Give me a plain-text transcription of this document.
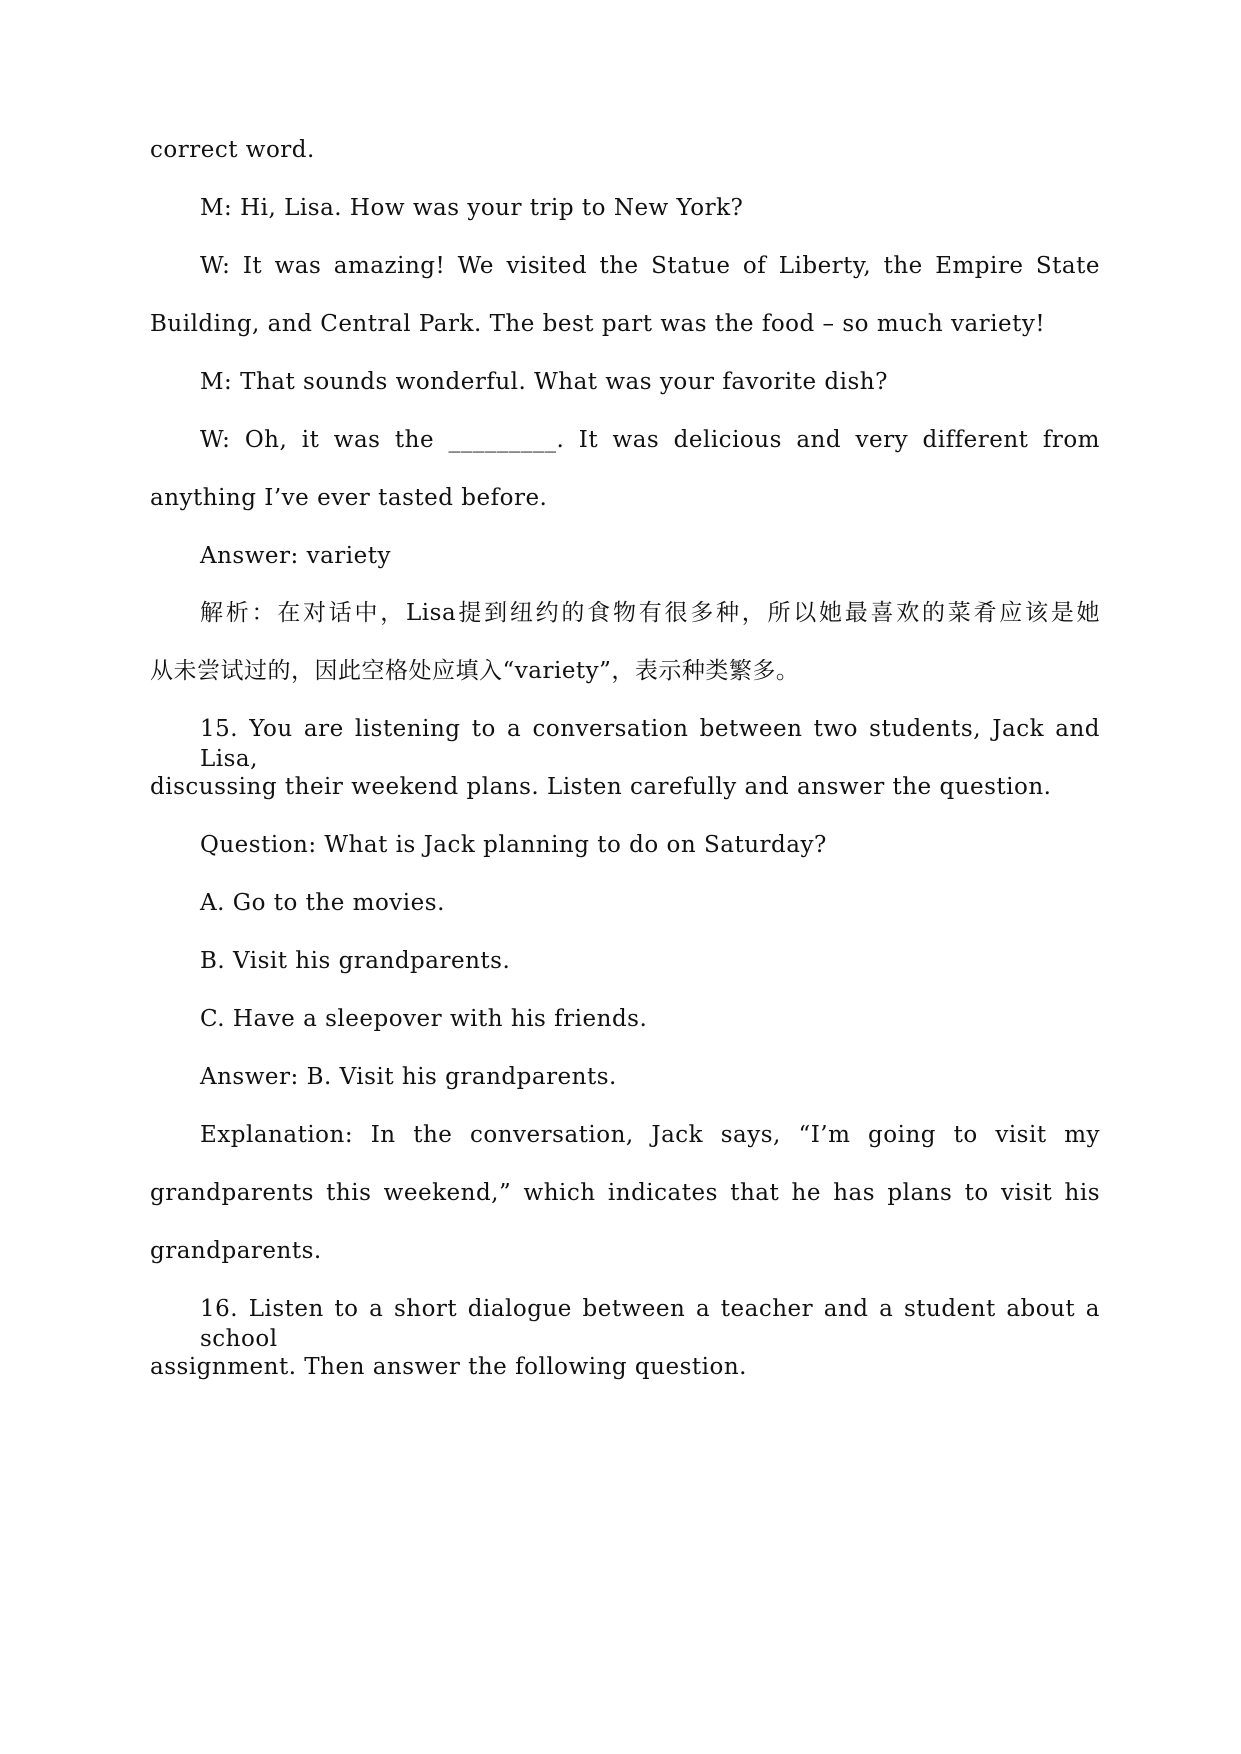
correct word.
M: Hi, Lisa. How was your trip to New York?
W: It was amazing! We visited the Statue of Liberty, the Empire State
Building, and Central Park. The best part was the food – so much variety!
M: That sounds wonderful. What was your favorite dish?
W: Oh, it was the _________. It was delicious and very different from
anything I’ve ever tasted before.
Answer: variety
解析：在对话中，Lisa提到纽约的食物有很多种，所以她最喜欢的菜肴应该是她
从未尝试过的，因此空格处应填入“variety”，表示种类繁多。
15. You are listening to a conversation between two students, Jack and Lisa,
discussing their weekend plans. Listen carefully and answer the question.
Question: What is Jack planning to do on Saturday?
A. Go to the movies.
B. Visit his grandparents.
C. Have a sleepover with his friends.
Answer: B. Visit his grandparents.
Explanation: In the conversation, Jack says, “I’m going to visit my
grandparents this weekend,” which indicates that he has plans to visit his
grandparents.
16. Listen to a short dialogue between a teacher and a student about a school
assignment. Then answer the following question.
